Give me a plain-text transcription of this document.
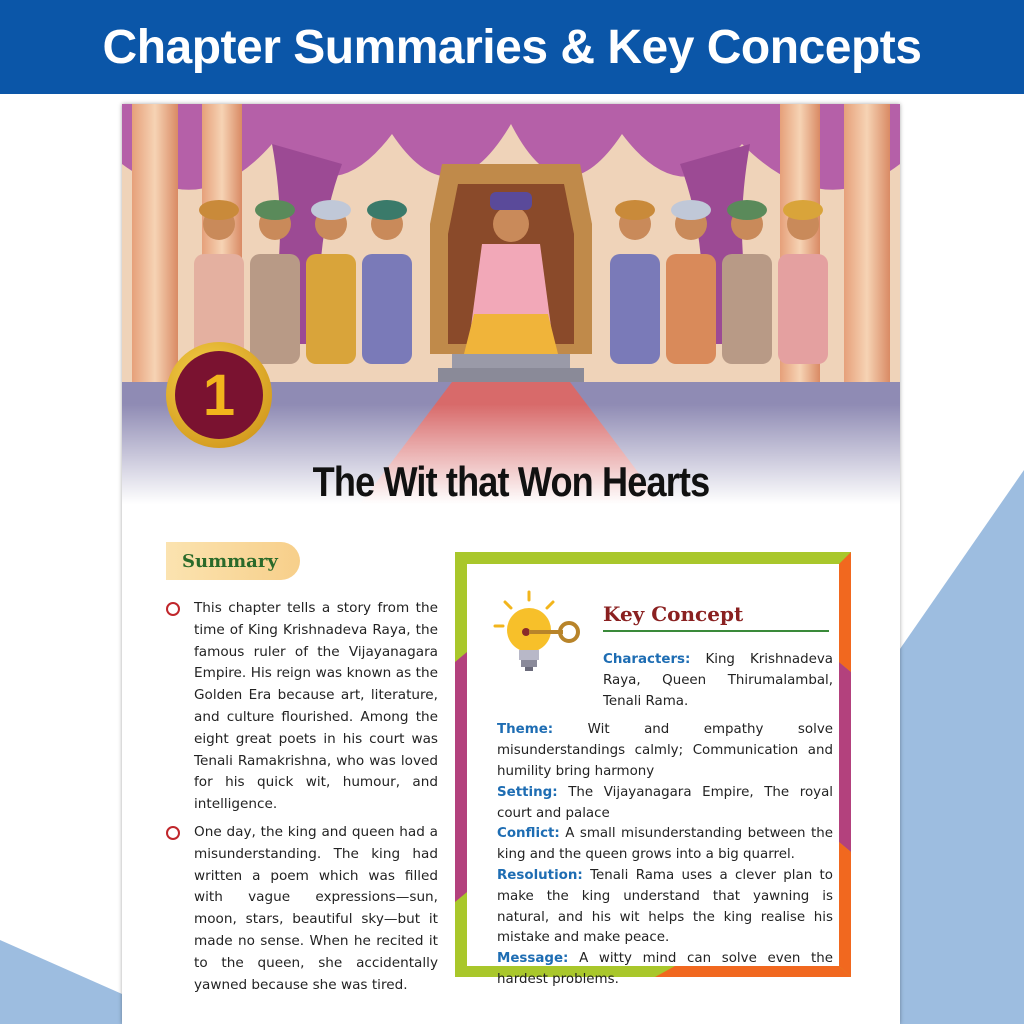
Chapter Summaries & Key Concepts
1
The Wit that Won Hearts
Summary
This chapter tells a story from the time of King Krishnadeva Raya, the famous ruler of the Vijayanagara Empire. His reign was known as the Golden Era because art, literature, and culture flourished. Among the eight great poets in his court was Tenali Ramakrishna, who was loved for his quick wit, humour, and intelligence.
One day, the king and queen had a misunderstanding. The king had written a poem which was filled with vague expressions—sun, moon, stars, beautiful sky—but it made no sense. When he recited it to the queen, she accidentally yawned because she was tired.
Key Concept

Characters: King Krishnadeva Raya, Queen Thirumalambal, Tenali Rama.

Theme:	Wit and empathy solve misunderstandings calmly; Communication and humility bring harmony

Setting: The Vijayanagara Empire, The royal court and palace

Conflict: A small misunderstanding between the king and the queen grows into a big quarrel.

Resolution: Tenali Rama uses a clever plan to make the king understand that yawning is natural, and his wit helps the king realise his mistake and make peace.

Message: A witty mind can solve even the hardest problems.
